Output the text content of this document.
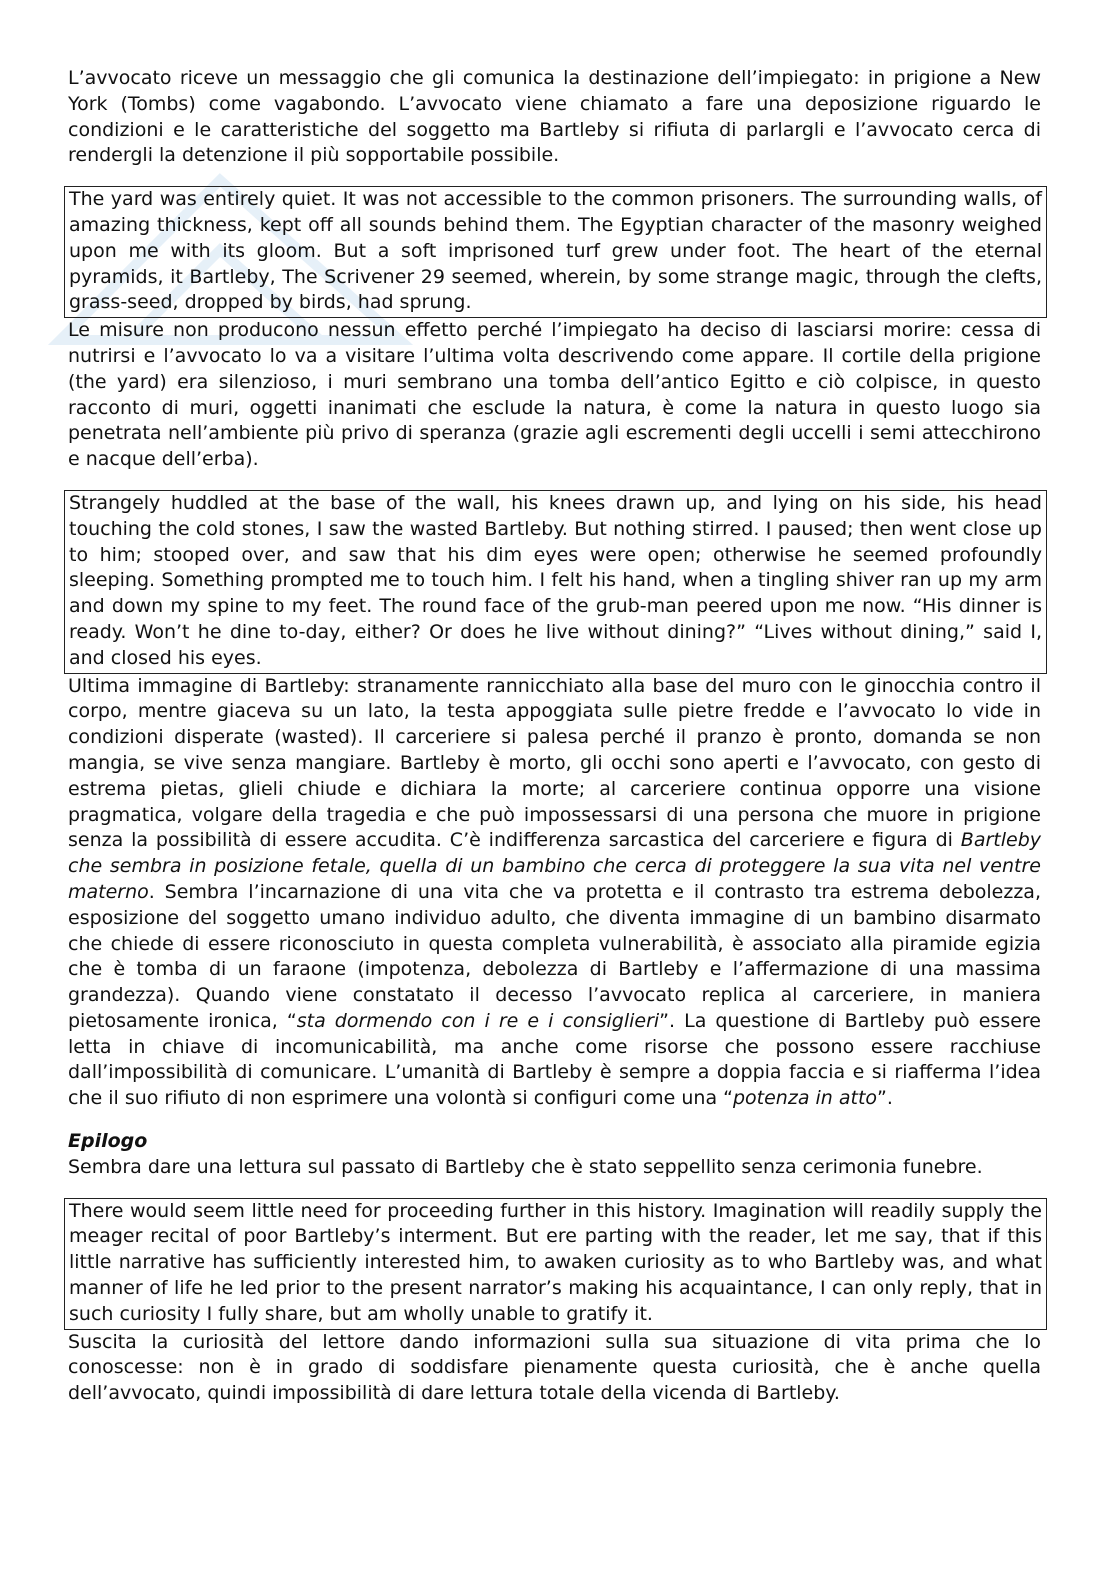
L’avvocato riceve un messaggio che gli comunica la destinazione dell’impiegato: in prigione a New York (Tombs) come vagabondo. L’avvocato viene chiamato a fare una deposizione riguardo le condizioni e le caratteristiche del soggetto ma Bartleby si rifiuta di parlargli e l’avvocato cerca di rendergli la detenzione il più sopportabile possibile.

The yard was entirely quiet. It was not accessible to the common prisoners. The surrounding walls, of amazing thickness, kept off all sounds behind them. The Egyptian character of the masonry weighed upon me with its gloom. But a soft imprisoned turf grew under foot. The heart of the eternal pyramids, it Bartleby, The Scrivener 29 seemed, wherein, by some strange magic, through the clefts, grass-seed, dropped by birds, had sprung.

Le misure non producono nessun effetto perché l’impiegato ha deciso di lasciarsi morire: cessa di nutrirsi e l’avvocato lo va a visitare l’ultima volta descrivendo come appare. Il cortile della prigione (the yard) era silenzioso, i muri sembrano una tomba dell’antico Egitto e ciò colpisce, in questo racconto di muri, oggetti inanimati che esclude la natura, è come la natura in questo luogo sia penetrata nell’ambiente più privo di speranza (grazie agli escrementi degli uccelli i semi attecchirono e nacque dell’erba).

Strangely huddled at the base of the wall, his knees drawn up, and lying on his side, his head touching the cold stones, I saw the wasted Bartleby. But nothing stirred. I paused; then went close up to him; stooped over, and saw that his dim eyes were open; otherwise he seemed profoundly sleeping. Something prompted me to touch him. I felt his hand, when a tingling shiver ran up my arm and down my spine to my feet. The round face of the grub-man peered upon me now. “His dinner is ready. Won’t he dine to-day, either? Or does he live without dining?” “Lives without dining,” said I, and closed his eyes.

Ultima immagine di Bartleby: stranamente rannicchiato alla base del muro con le ginocchia contro il corpo, mentre giaceva su un lato, la testa appoggiata sulle pietre fredde e l’avvocato lo vide in condizioni disperate (wasted). Il carceriere si palesa perché il pranzo è pronto, domanda se non mangia, se vive senza mangiare. Bartleby è morto, gli occhi sono aperti e l’avvocato, con gesto di estrema pietas, glieli chiude e dichiara la morte; al carceriere continua opporre una visione pragmatica, volgare della tragedia e che può impossessarsi di una persona che muore in prigione senza la possibilità di essere accudita. C’è indifferenza sarcastica del carceriere e figura di Bartleby che sembra in posizione fetale, quella di un bambino che cerca di proteggere la sua vita nel ventre materno. Sembra l’incarnazione di una vita che va protetta e il contrasto tra estrema debolezza, esposizione del soggetto umano individuo adulto, che diventa immagine di un bambino disarmato che chiede di essere riconosciuto in questa completa vulnerabilità, è associato alla piramide egizia che è tomba di un faraone (impotenza, debolezza di Bartleby e l’affermazione di una massima grandezza). Quando viene constatato il decesso l’avvocato replica al carceriere, in maniera pietosamente ironica, “sta dormendo con i re e i consiglieri”. La questione di Bartleby può essere letta in chiave di incomunicabilità, ma anche come risorse che possono essere racchiuse dall’impossibilità di comunicare. L’umanità di Bartleby è sempre a doppia faccia e si riafferma l’idea che il suo rifiuto di non esprimere una volontà si configuri come una “potenza in atto”.

Epilogo

Sembra dare una lettura sul passato di Bartleby che è stato seppellito senza cerimonia funebre.

There would seem little need for proceeding further in this history. Imagination will readily supply the meager recital of poor Bartleby’s interment. But ere parting with the reader, let me say, that if this little narrative has sufficiently interested him, to awaken curiosity as to who Bartleby was, and what manner of life he led prior to the present narrator’s making his acquaintance, I can only reply, that in such curiosity I fully share, but am wholly unable to gratify it.

Suscita la curiosità del lettore dando informazioni sulla sua situazione di vita prima che lo conoscesse: non è in grado di soddisfare pienamente questa curiosità, che è anche quella dell’avvocato, quindi impossibilità di dare lettura totale della vicenda di Bartleby.
